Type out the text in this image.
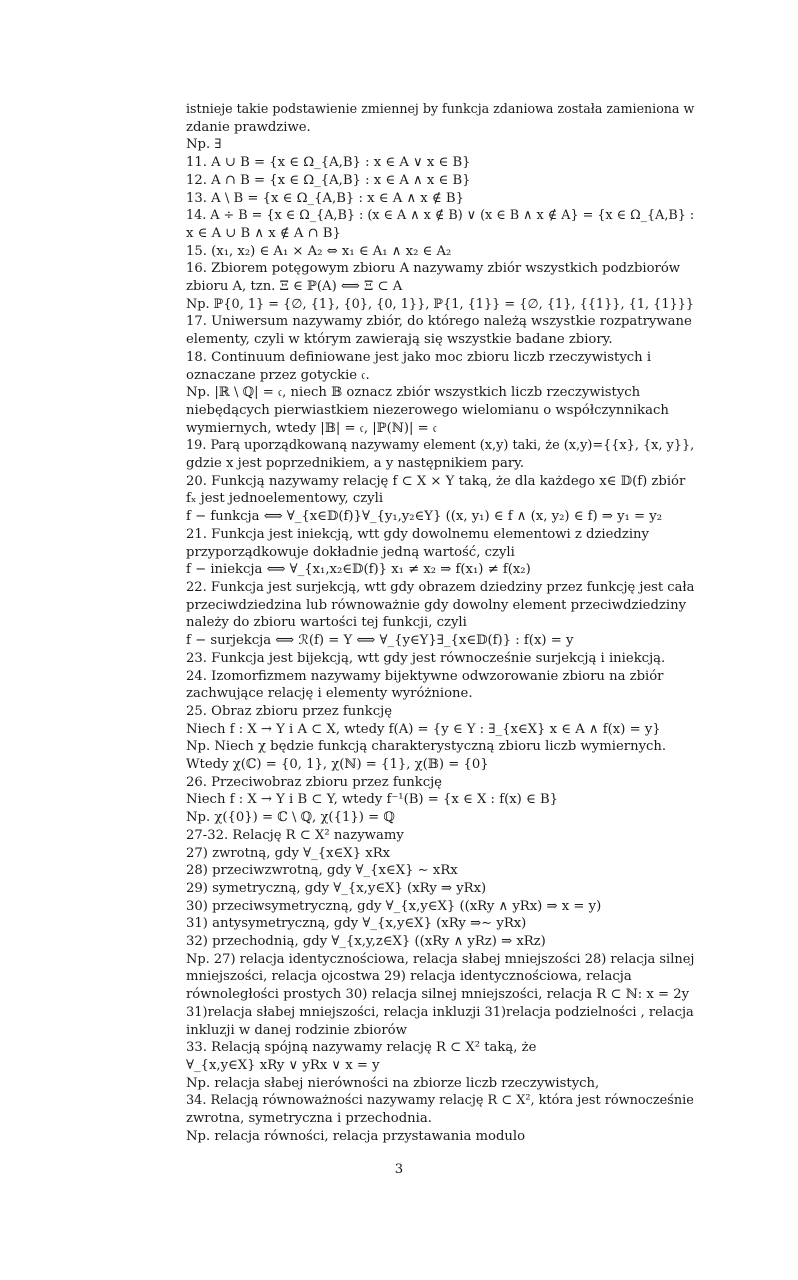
istnieje takie podstawienie zmiennej by funkcja zdaniowa została zamieniona w
zdanie prawdziwe.
Np. ∃
11. A ∪ B = {x ∈ Ω_{A,B} : x ∈ A ∨ x ∈ B}
12. A ∩ B = {x ∈ Ω_{A,B} : x ∈ A ∧ x ∈ B}
13. A \ B = {x ∈ Ω_{A,B} : x ∈ A ∧ x ∉ B}
14. A ÷ B = {x ∈ Ω_{A,B} : (x ∈ A ∧ x ∉ B) ∨ (x ∈ B ∧ x ∉ A} = {x ∈ Ω_{A,B} :
x ∈ A ∪ B ∧ x ∉ A ∩ B}
15. (x₁, x₂) ∈ A₁ × A₂ ⇔ x₁ ∈ A₁ ∧ x₂ ∈ A₂
16. Zbiorem potęgowym zbioru A nazywamy zbiór wszystkich podzbiorów
zbioru A, tzn. Ξ ∈ ℙ(A) ⟺ Ξ ⊂ A
Np. ℙ{0, 1} = {∅, {1}, {0}, {0, 1}}, ℙ{1, {1}} = {∅, {1}, {{1}}, {1, {1}}}
17. Uniwersum nazywamy zbiór, do którego należą wszystkie rozpatrywane
elementy, czyli w którym zawierają się wszystkie badane zbiory.
18. Continuum definiowane jest jako moc zbioru liczb rzeczywistych i
oznaczane przez gotyckie 𝔠.
Np. |ℝ \ ℚ| = 𝔠, niech 𝔹 oznacz zbiór wszystkich liczb rzeczywistych
niebędących pierwiastkiem niezerowego wielomianu o współczynnikach
wymiernych, wtedy |𝔹| = 𝔠, |ℙ(ℕ)| = 𝔠
19. Parą uporządkowaną nazywamy element (x,y) taki, że (x,y)={{x}, {x, y}},
gdzie x jest poprzednikiem, a y następnikiem pary.
20. Funkcją nazywamy relację f ⊂ X × Y taką, że dla każdego x∈ 𝔻(f) zbiór
fₓ jest jednoelementowy, czyli
f − funkcja ⟺ ∀_{x∈𝔻(f)}∀_{y₁,y₂∈Y} ((x, y₁) ∈ f ∧ (x, y₂) ∈ f) ⇒ y₁ = y₂
21. Funkcja jest iniekcją, wtt gdy dowolnemu elementowi z dziedziny
przyporządkowuje dokładnie jedną wartość, czyli
f − iniekcja ⟺ ∀_{x₁,x₂∈𝔻(f)} x₁ ≠ x₂ ⇒ f(x₁) ≠ f(x₂)
22. Funkcja jest surjekcją, wtt gdy obrazem dziedziny przez funkcję jest cała
przeciwdziedzina lub równoważnie gdy dowolny element przeciwdziedziny
należy do zbioru wartości tej funkcji, czyli
f − surjekcja ⟺ ℛ(f) = Y ⟺ ∀_{y∈Y}∃_{x∈𝔻(f)} : f(x) = y
23. Funkcja jest bijekcją, wtt gdy jest równocześnie surjekcją i iniekcją.
24. Izomorfizmem nazywamy bijektywne odwzorowanie zbioru na zbiór
zachwujące relację i elementy wyróżnione.
25. Obraz zbioru przez funkcję
Niech f : X → Y i A ⊂ X, wtedy f(A) = {y ∈ Y : ∃_{x∈X} x ∈ A ∧ f(x) = y}
Np. Niech χ będzie funkcją charakterystyczną zbioru liczb wymiernych.
Wtedy χ(ℂ) = {0, 1}, χ(ℕ) = {1}, χ(𝔹) = {0}
26. Przeciwobraz zbioru przez funkcję
Niech f : X → Y i B ⊂ Y, wtedy f⁻¹(B) = {x ∈ X : f(x) ∈ B}
Np. χ({0}) = ℂ \ ℚ, χ({1}) = ℚ
27-32. Relację R ⊂ X² nazywamy
27) zwrotną, gdy ∀_{x∈X} xRx
28) przeciwzwrotną, gdy ∀_{x∈X} ∼ xRx
29) symetryczną, gdy ∀_{x,y∈X} (xRy ⇒ yRx)
30) przeciwsymetryczną, gdy ∀_{x,y∈X} ((xRy ∧ yRx) ⇒ x = y)
31) antysymetryczną, gdy ∀_{x,y∈X} (xRy ⇒∼ yRx)
32) przechodnią, gdy ∀_{x,y,z∈X} ((xRy ∧ yRz) ⇒ xRz)
Np. 27) relacja identycznościowa, relacja słabej mniejszości 28) relacja silnej
mniejszości, relacja ojcostwa 29) relacja identycznościowa, relacja
równoległości prostych 30) relacja silnej mniejszości, relacja R ⊂ ℕ: x = 2y
31)relacja słabej mniejszości, relacja inkluzji 31)relacja podzielności , relacja
inkluzji w danej rodzinie zbiorów
33. Relacją spójną nazywamy relację R ⊂ X² taką, że
∀_{x,y∈X} xRy ∨ yRx ∨ x = y
Np. relacja słabej nierówności na zbiorze liczb rzeczywistych,
34. Relacją równoważności nazywamy relację R ⊂ X², która jest równocześnie
zwrotna, symetryczna i przechodnia.
Np. relacja równości, relacja przystawania modulo
3
